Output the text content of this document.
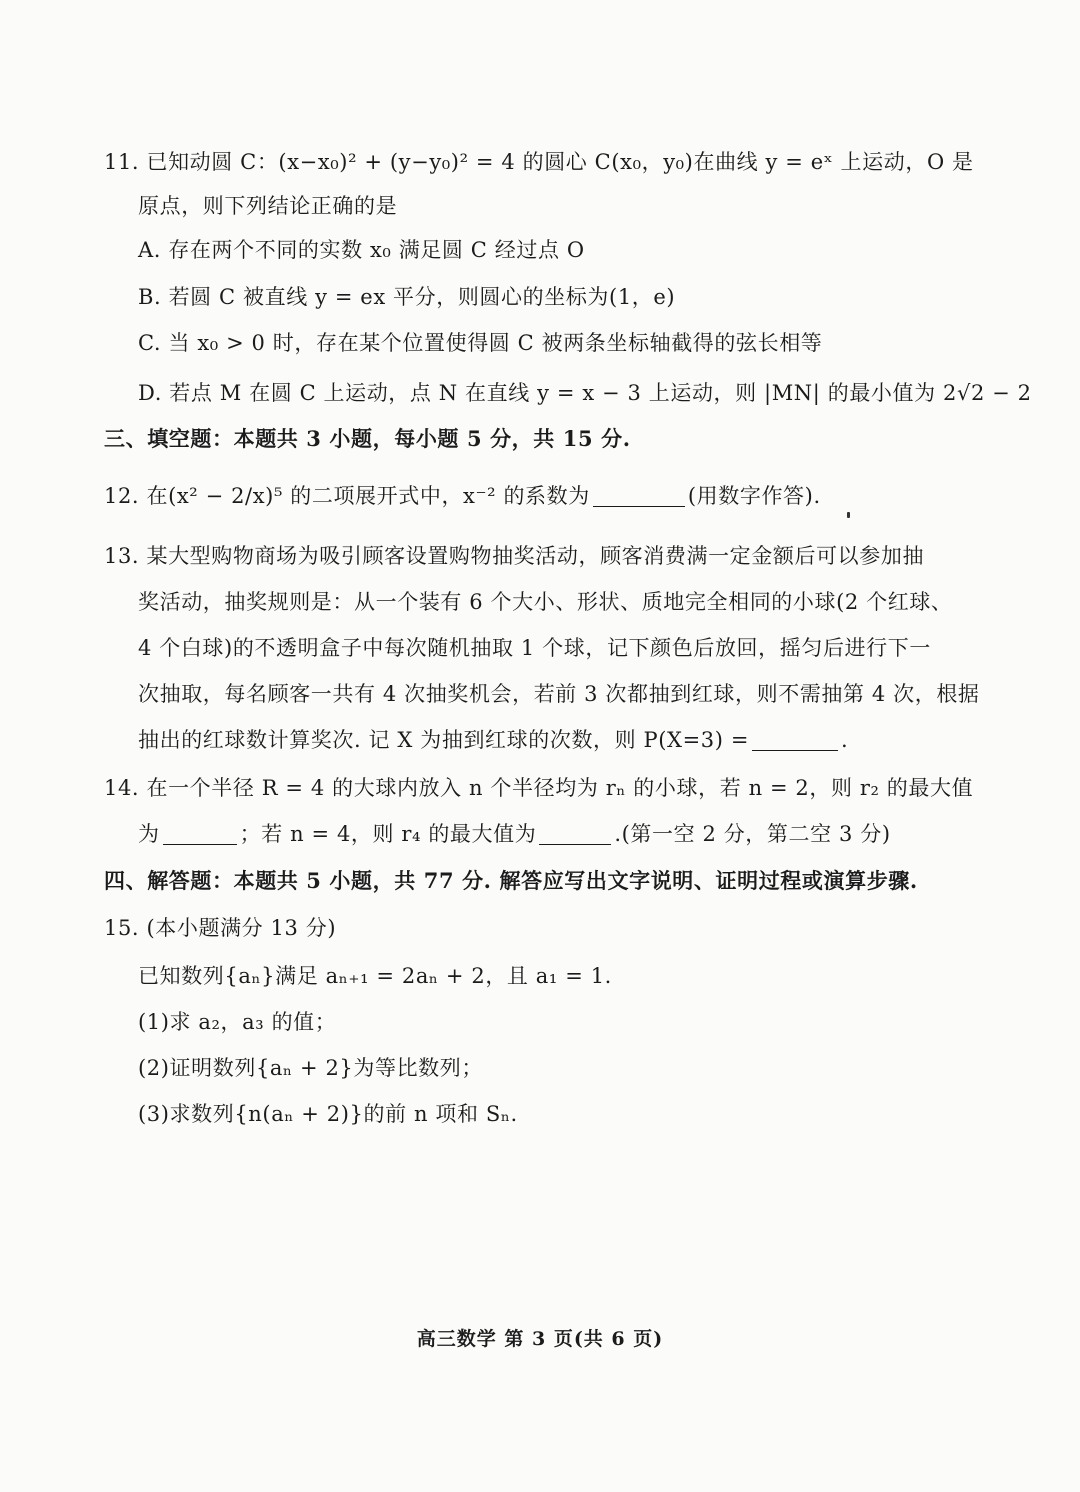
11. 已知动圆 C：(x−x₀)² + (y−y₀)² = 4 的圆心 C(x₀，y₀)在曲线 y = eˣ 上运动，O 是
原点，则下列结论正确的是
A. 存在两个不同的实数 x₀ 满足圆 C 经过点 O
B. 若圆 C 被直线 y = ex 平分，则圆心的坐标为(1，e)
C. 当 x₀ > 0 时，存在某个位置使得圆 C 被两条坐标轴截得的弦长相等
D. 若点 M 在圆 C 上运动，点 N 在直线 y = x − 3 上运动，则 |MN| 的最小值为 2√2 − 2
三、填空题：本题共 3 小题，每小题 5 分，共 15 分.
12. 在(x² − 2/x)⁵ 的二项展开式中，x⁻² 的系数为	(用数字作答).
13. 某大型购物商场为吸引顾客设置购物抽奖活动，顾客消费满一定金额后可以参加抽
奖活动，抽奖规则是：从一个装有 6 个大小、形状、质地完全相同的小球(2 个红球、
4 个白球)的不透明盒子中每次随机抽取 1 个球，记下颜色后放回，摇匀后进行下一
次抽取，每名顾客一共有 4 次抽奖机会，若前 3 次都抽到红球，则不需抽第 4 次，根据
抽出的红球数计算奖次. 记 X 为抽到红球的次数，则 P(X=3) =	.
14. 在一个半径 R = 4 的大球内放入 n 个半径均为 rₙ 的小球，若 n = 2，则 r₂ 的最大值
为	；若 n = 4，则 r₄ 的最大值为	.(第一空 2 分，第二空 3 分)
四、解答题：本题共 5 小题，共 77 分. 解答应写出文字说明、证明过程或演算步骤.
15. (本小题满分 13 分)
已知数列{aₙ}满足 aₙ₊₁ = 2aₙ + 2，且 a₁ = 1.
(1)求 a₂，a₃ 的值；
(2)证明数列{aₙ + 2}为等比数列；
(3)求数列{n(aₙ + 2)}的前 n 项和 Sₙ.
高三数学 第 3 页(共 6 页)
